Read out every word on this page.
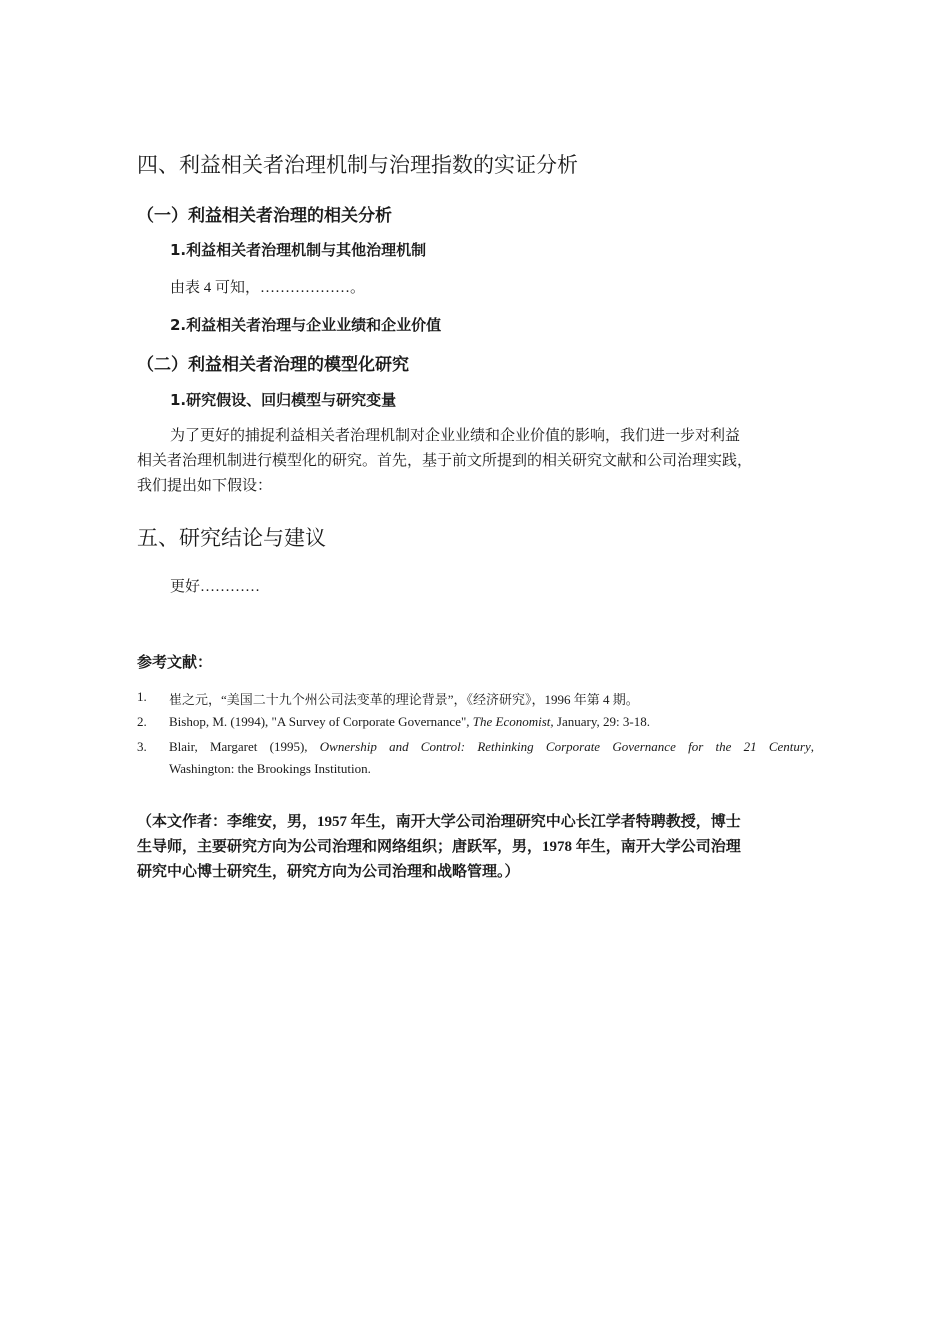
四、利益相关者治理机制与治理指数的实证分析
（一）利益相关者治理的相关分析
1.利益相关者治理机制与其他治理机制
由表 4 可知，………………。
2.利益相关者治理与企业业绩和企业价值
（二）利益相关者治理的模型化研究
1.研究假设、回归模型与研究变量
为了更好的捕捉利益相关者治理机制对企业业绩和企业价值的影响，我们进一步对利益
相关者治理机制进行模型化的研究。首先，基于前文所提到的相关研究文献和公司治理实践，
我们提出如下假设：
五、研究结论与建议
更好…………
参考文献：
1. 崔之元，“美国二十九个州公司法变革的理论背景”，《经济研究》，1996 年第 4 期。
2. Bishop, M. (1994), "A Survey of Corporate Governance", The Economist, January, 29: 3-18.
3. Blair, Margaret (1995), Ownership and Control: Rethinking Corporate Governance for the 21 Century,
Washington: the Brookings Institution.
（本文作者：李维安，男，1957 年生，南开大学公司治理研究中心长江学者特聘教授，博士
生导师，主要研究方向为公司治理和网络组织；唐跃军，男，1978 年生，南开大学公司治理
研究中心博士研究生，研究方向为公司治理和战略管理。）
